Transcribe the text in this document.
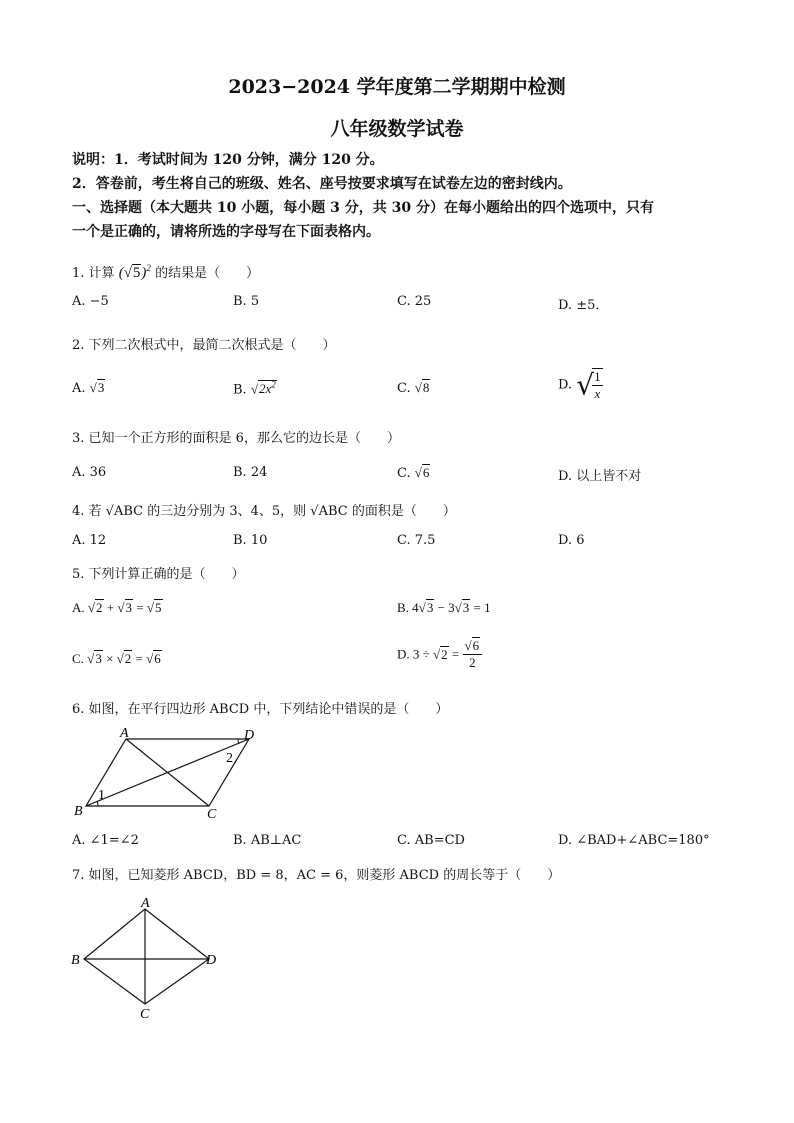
2023−2024 学年度第二学期期中检测
八年级数学试卷
说明：1．考试时间为 120 分钟，满分 120 分。
2．答卷前，考生将自己的班级、姓名、座号按要求填写在试卷左边的密封线内。
一、选择题（本大题共 10 小题，每小题 3 分，共 30 分）在每小题给出的四个选项中，只有
一个是正确的，请将所选的字母写在下面表格内。
1. 计算 $(√5)^2$ 的结果是（　　）
A. −5	B. 5	C. 25	D. ±5．
2. 下列二次根式中，最简二次根式是（　　）
A. √3	B. $√2x^2$	C. √8	D. √
$\frac{1}{x}$
3. 已知一个正方形的面积是 6，那么它的边长是（　　）
A. 36	B. 24	C. √6	D. 以上皆不对
4. 若 √ABC 的三边分别为 3、4、5，则 √ABC 的面积是（　　）
A. 12	B. 10	C. 7.5	D. 6
5. 下列计算正确的是（　　）
A. √2 + √3 = √5	B. 4√3 − 3√3 = 1
C. √3 × √2 = √6	D. $3 \div √2 = \frac{√6}{2}$
6. 如图，在平行四边形 ABCD 中，下列结论中错误的是（　　）
A	D
B	C
1
2
A. ∠1=∠2	B. AB⊥AC	C. AB=CD	D. ∠BAD+∠ABC=180°
7. 如图，已知菱形 ABCD，BD = 8，AC = 6，则菱形 ABCD 的周长等于（　　）
A
B	D
C
